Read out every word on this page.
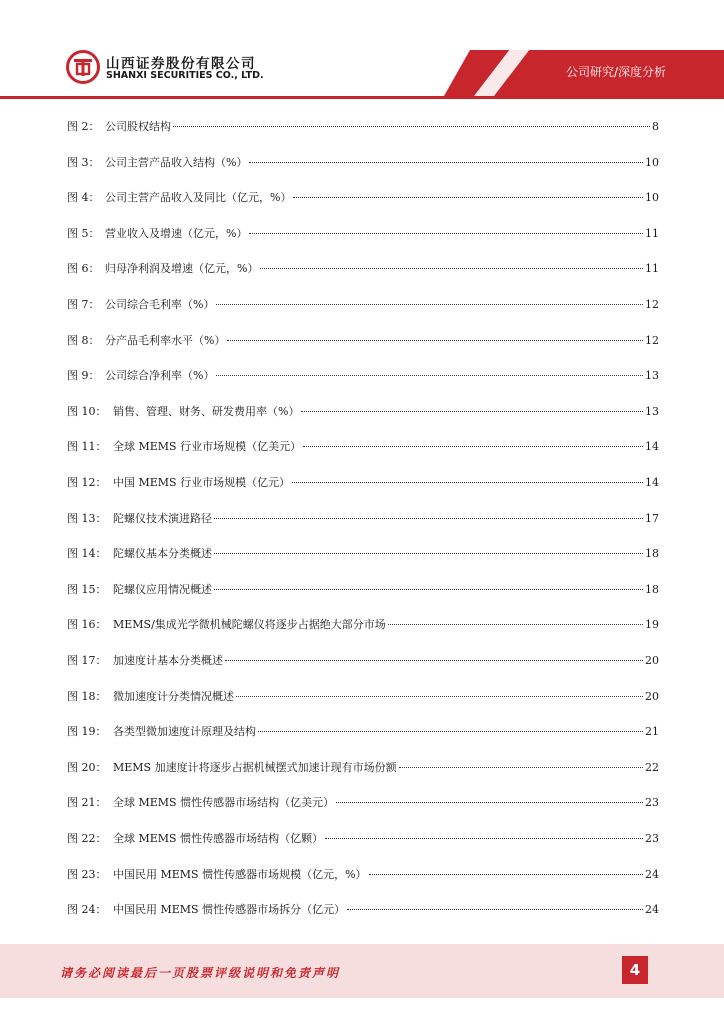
山西证券股份有限公司
SHANXI SECURITIES CO., LTD.	公司研究/深度分析
图 2： 公司股权结构	8
图 3： 公司主营产品收入结构（%）	10
图 4： 公司主营产品收入及同比（亿元，%）	10
图 5： 营业收入及增速（亿元，%）	11
图 6： 归母净利润及增速（亿元，%）	11
图 7： 公司综合毛利率（%）	12
图 8： 分产品毛利率水平（%）	12
图 9： 公司综合净利率（%）	13
图 10： 销售、管理、财务、研发费用率（%）	13
图 11： 全球 MEMS 行业市场规模（亿美元）	14
图 12： 中国 MEMS 行业市场规模（亿元）	14
图 13： 陀螺仪技术演进路径	17
图 14： 陀螺仪基本分类概述	18
图 15： 陀螺仪应用情况概述	18
图 16： MEMS/集成光学微机械陀螺仪将逐步占据绝大部分市场	19
图 17： 加速度计基本分类概述	20
图 18： 微加速度计分类情况概述	20
图 19： 各类型微加速度计原理及结构	21
图 20： MEMS 加速度计将逐步占据机械摆式加速计现有市场份额	22
图 21： 全球 MEMS 惯性传感器市场结构（亿美元）	23
图 22： 全球 MEMS 惯性传感器市场结构（亿颗）	23
图 23： 中国民用 MEMS 惯性传感器市场规模（亿元，%）	24
图 24： 中国民用 MEMS 惯性传感器市场拆分（亿元）	24
请务必阅读最后一页股票评级说明和免责声明	4
